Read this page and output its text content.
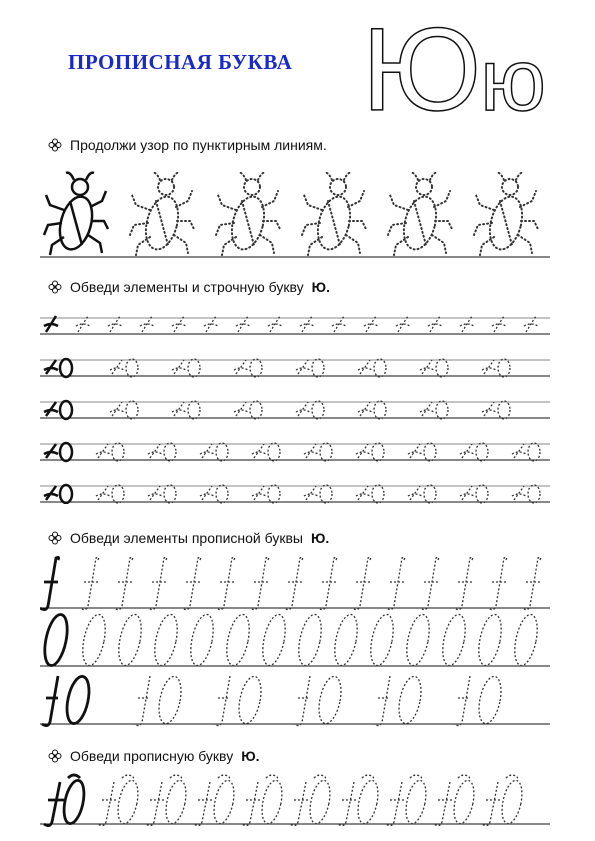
ПРОПИСНАЯ БУКВА Ю
ю
Продолжи узор по пунктирным линиям.
Обведи элементы и строчную букву Ю.
Обведи элементы прописной буквы Ю.
Обведи прописную букву Ю.
